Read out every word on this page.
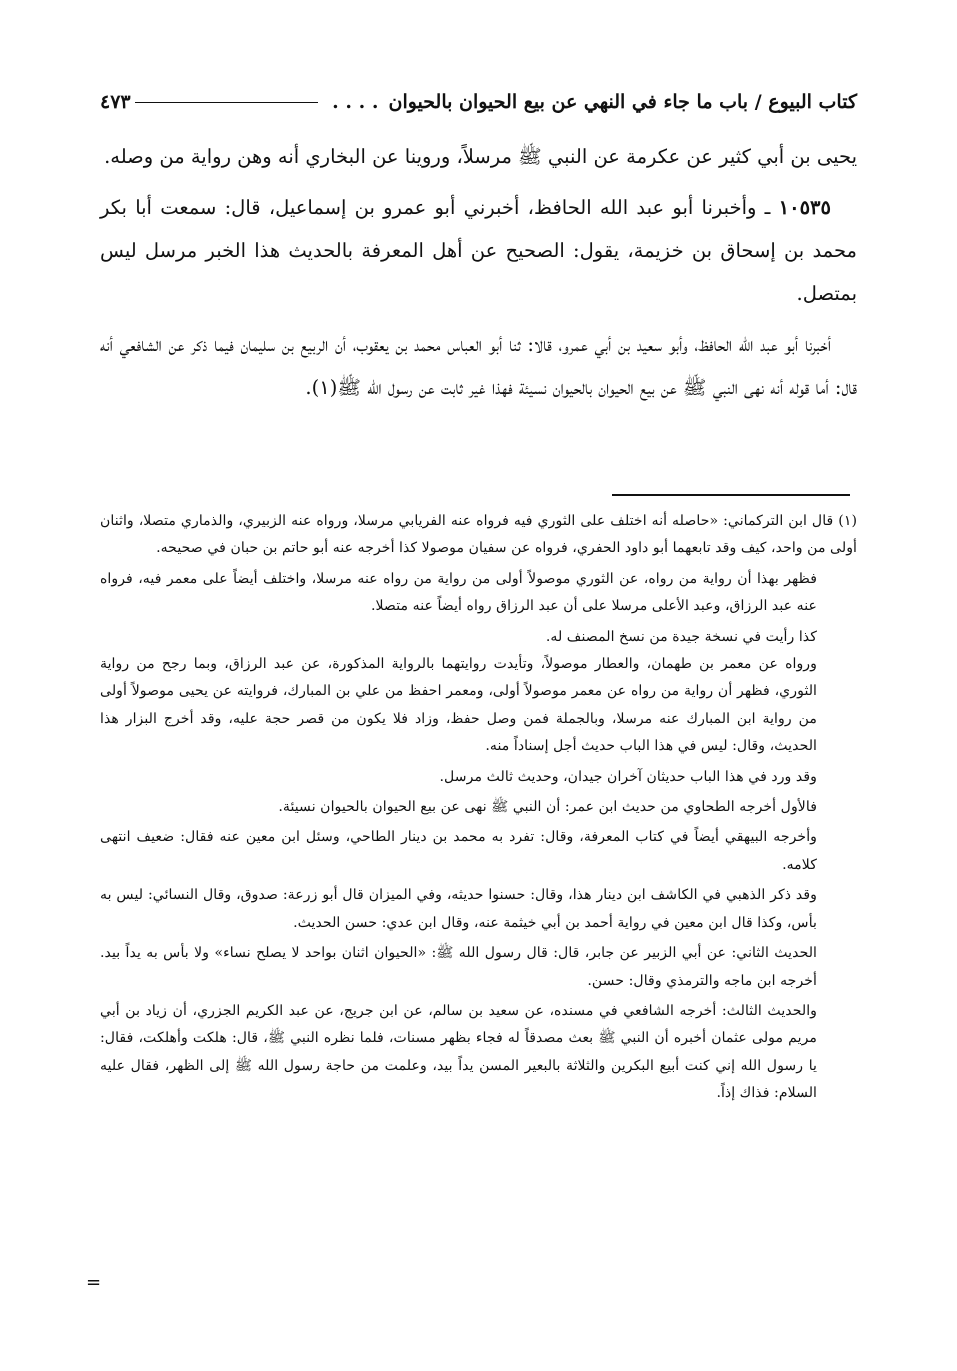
كتاب البيوع / باب ما جاء في النهي عن بيع الحيوان بالحيوان
. . . .
٤٧٣

يحيى بن أبي كثير عن عكرمة عن النبي ﷺ مرسلاً، وروينا عن البخاري أنه وهن رواية من وصله.

١٠٥٣٥ ـ وأخبرنا أبو عبد الله الحافظ، أخبرني أبو عمرو بن إسماعيل، قال: سمعت أبا بكر محمد بن إسحاق بن خزيمة، يقول: الصحيح عن أهل المعرفة بالحديث هذا الخبر مرسل ليس بمتصل.

أخبرنا أبو عبد الله الحافظ، وأبو سعيد بن أبي عمرو، قالا: ثنا أبو العباس محمد بن يعقوب، أن الربيع بن سليمان فيما ذكر عن الشافعي أنه قال: أما قوله أنه نهى النبي ﷺ عن بيع الحيوان بالحيوان نسيئة فهذا غير ثابت عن رسول الله ﷺ(١).

(١) قال ابن التركماني: «حاصله أنه اختلف على الثوري فيه فرواه عنه الفريابي مرسلا، ورواه عنه الزبيري، والذماري متصلا، واثنان أولى من واحد، كيف وقد تابعهما أبو داود الحفري، فرواه عن سفيان موصولا كذا أخرجه عنه أبو حاتم بن حبان في صحيحه.

فظهر بهذا أن رواية من رواه، عن الثوري موصولاً أولى من رواية من رواه عنه مرسلا، واختلف أيضاً على معمر فيه، فرواه عنه عبد الرزاق، وعبد الأعلى مرسلا على أن عبد الرزاق رواه أيضاً عنه متصلا.

كذا رأيت في نسخة جيدة من نسخ المصنف له.

ورواه عن معمر بن طهمان، والعطار موصولاً، وتأيدت روايتهما بالرواية المذكورة، عن عبد الرزاق، وبما رجح من رواية الثوري، فظهر أن رواية من رواه عن معمر موصولاً أولى، ومعمر احفظ من علي بن المبارك، فروايته عن يحيى موصولاً أولى من رواية ابن المبارك عنه مرسلا، وبالجملة فمن وصل حفظ، وزاد فلا يكون من قصر حجة عليه، وقد أخرج البزار هذا الحديث، وقال: ليس في هذا الباب حديث أجل إسناداً منه.

وقد ورد في هذا الباب حديثان آخران جيدان، وحديث ثالث مرسل.

فالأول أخرجه الطحاوي من حديث ابن عمر: أن النبي ﷺ نهى عن بيع الحيوان بالحيوان نسيئة.

وأخرجه البيهقي أيضاً في كتاب المعرفة، وقال: تفرد به محمد بن دينار الطاحي، وسئل ابن معين عنه فقال: ضعيف انتهى كلامه.

وقد ذكر الذهبي في الكاشف ابن دينار هذا، وقال: حسنوا حديثه، وفي الميزان قال أبو زرعة: صدوق، وقال النسائي: ليس به بأس، وكذا قال ابن معين في رواية أحمد بن أبي خيثمة عنه، وقال ابن عدي: حسن الحديث.

الحديث الثاني: عن أبي الزبير عن جابر، قال: قال رسول الله ﷺ: «الحيوان اثنان بواحد لا يصلح نساء» ولا بأس به يداً بيد. أخرجه ابن ماجه والترمذي وقال: حسن.

والحديث الثالث: أخرجه الشافعي في مسنده، عن سعيد بن سالم، عن ابن جريج، عن عبد الكريم الجزري، أن زياد بن أبي مريم مولى عثمان أخبره أن النبي ﷺ بعث مصدقاً له فجاء بظهر مسنات، فلما نظره النبي ﷺ، قال: هلكت وأهلكت، فقال: يا رسول الله إني كنت أبيع البكرين والثلاثة بالبعير المسن يداً بيد، وعلمت من حاجة رسول الله ﷺ إلى الظهر، فقال عليه السلام: فذاك إذاً.

=
